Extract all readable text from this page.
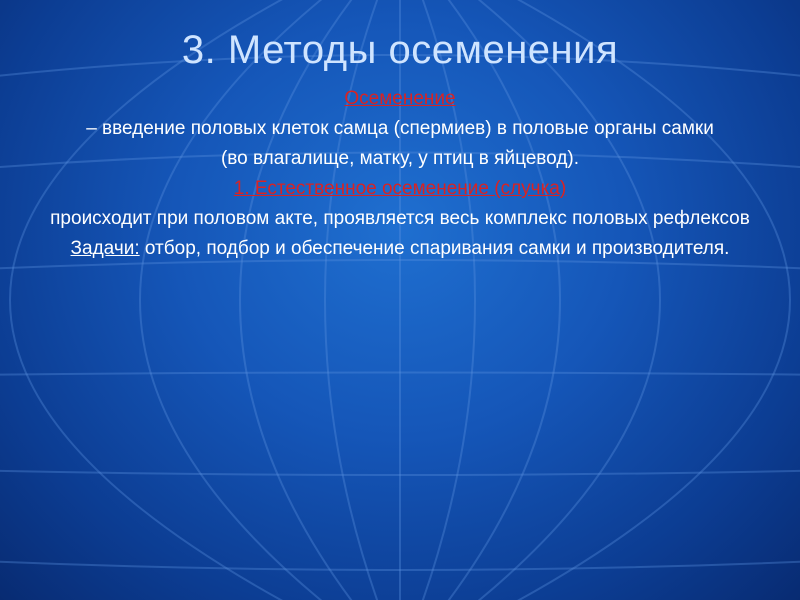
3. Методы осеменения

Осеменение

– введение половых клеток самца (спермиев) в половые органы самки

(во влагалище, матку, у птиц в яйцевод).

1. Естественное осеменение (случка)

происходит при половом акте, проявляется весь комплекс половых рефлексов

Задачи: отбор, подбор и обеспечение спаривания самки и производителя.
